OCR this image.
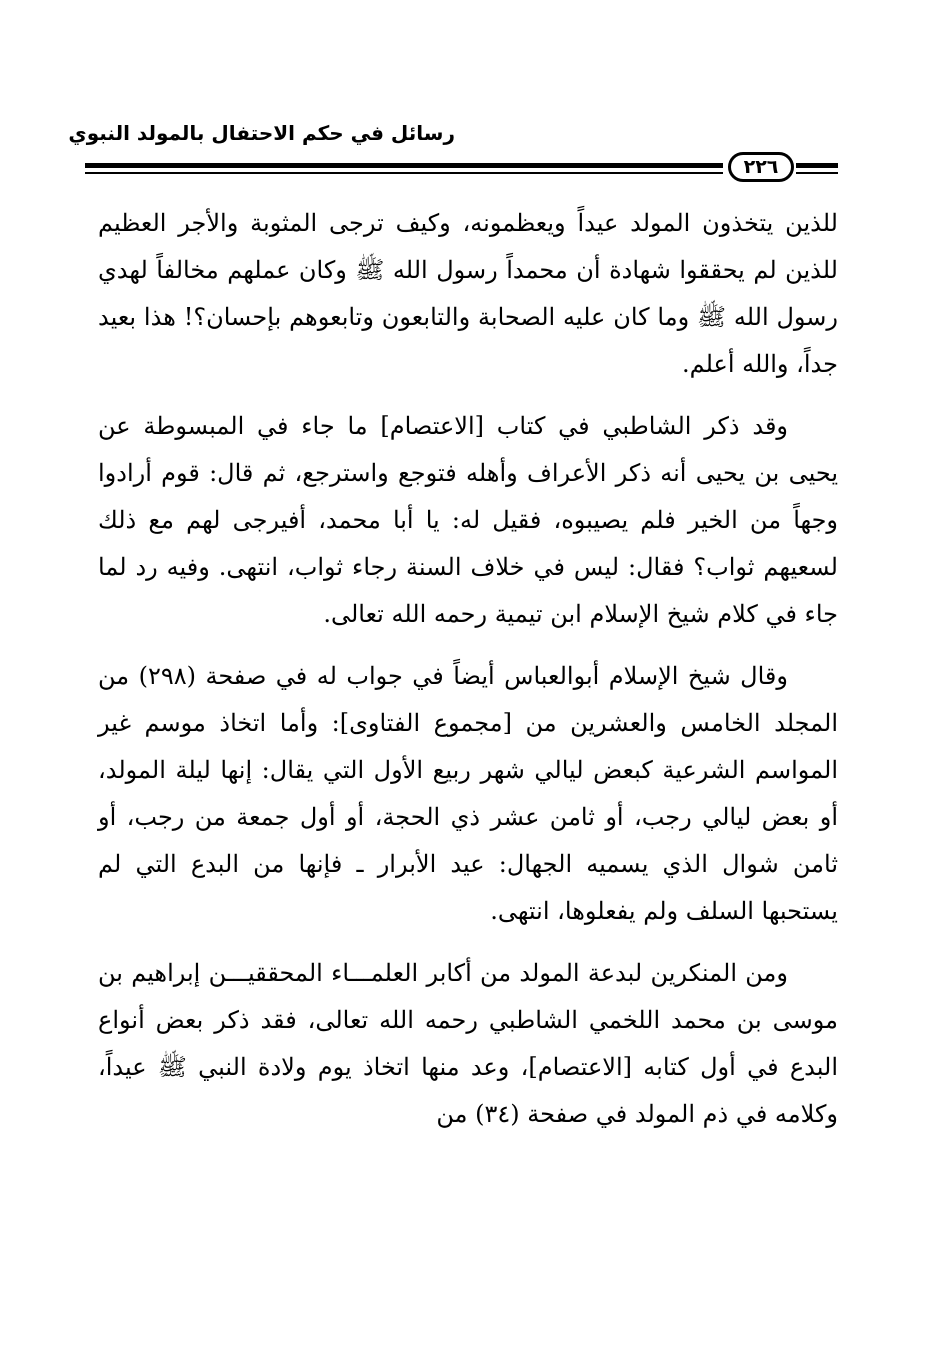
رسائل في حكم الاحتفال بالمولد النبوي
٢٢٦

للذين يتخذون المولد عيداً ويعظمونه، وكيف ترجى المثوبة والأجر العظيم للذين لم يحققوا شهادة أن محمداً رسول الله ﷺ وكان عملهم مخالفاً لهدي رسول الله ﷺ وما كان عليه الصحابة والتابعون وتابعوهم بإحسان؟! هذا بعيد جداً، والله أعلم.

وقد ذكر الشاطبي في كتاب [الاعتصام] ما جاء في المبسوطة عن يحيى بن يحيى أنه ذكر الأعراف وأهله فتوجع واسترجع، ثم قال: قوم أرادوا وجهاً من الخير فلم يصيبوه، فقيل له: يا أبا محمد، أفيرجى لهم مع ذلك لسعيهم ثواب؟ فقال: ليس في خلاف السنة رجاء ثواب، انتهى. وفيه رد لما جاء في كلام شيخ الإسلام ابن تيمية رحمه الله تعالى.

وقال شيخ الإسلام أبوالعباس أيضاً في جواب له في صفحة (٢٩٨) من المجلد الخامس والعشرين من [مجموع الفتاوى]: وأما اتخاذ موسم غير المواسم الشرعية كبعض ليالي شهر ربيع الأول التي يقال: إنها ليلة المولد، أو بعض ليالي رجب، أو ثامن عشر ذي الحجة، أو أول جمعة من رجب، أو ثامن شوال الذي يسميه الجهال: عيد الأبرار ـ فإنها من البدع التي لم يستحبها السلف ولم يفعلوها، انتهى.

ومن المنكرين لبدعة المولد من أكابر العلمـــاء المحققيـــن إبراهيم بن موسى بن محمد اللخمي الشاطبي رحمه الله تعالى، فقد ذكر بعض أنواع البدع في أول كتابه [الاعتصام]، وعد منها اتخاذ يوم ولادة النبي ﷺ عيداً، وكلامه في ذم المولد في صفحة (٣٤) من
